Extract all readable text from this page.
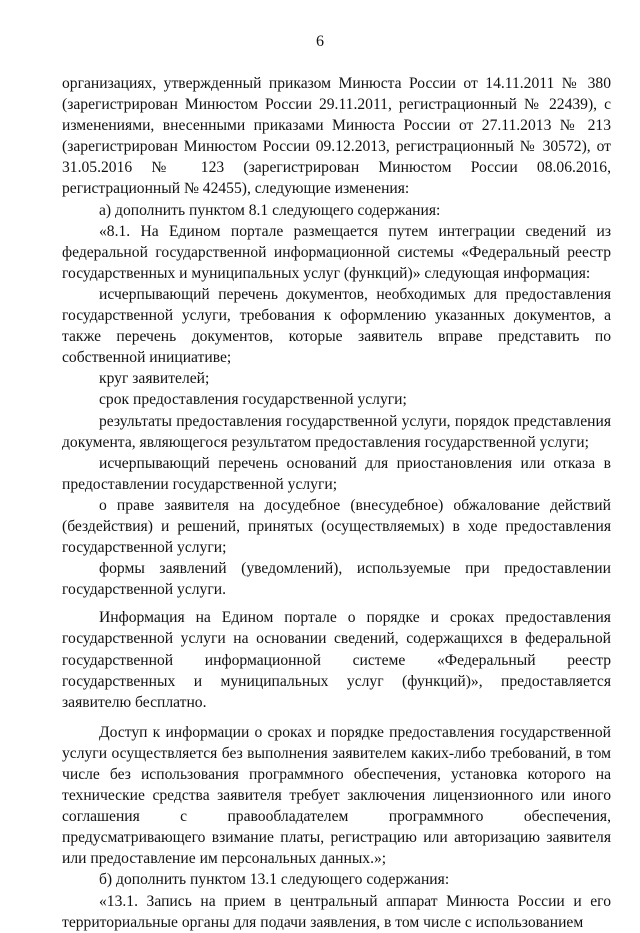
6

организациях, утвержденный приказом Минюста России от 14.11.2011 № 380 (зарегистрирован Минюстом России 29.11.2011, регистрационный № 22439), с изменениями, внесенными приказами Минюста России от 27.11.2013 № 213 (зарегистрирован Минюстом России 09.12.2013, регистрационный № 30572), от 31.05.2016 № 123 (зарегистрирован Минюстом России 08.06.2016, регистрационный № 42455), следующие изменения:

а) дополнить пунктом 8.1 следующего содержания:

«8.1. На Едином портале размещается путем интеграции сведений из федеральной государственной информационной системы «Федеральный реестр государственных и муниципальных услуг (функций)» следующая информация:

исчерпывающий перечень документов, необходимых для предоставления государственной услуги, требования к оформлению указанных документов, а также перечень документов, которые заявитель вправе представить по собственной инициативе;

круг заявителей;

срок предоставления государственной услуги;

результаты предоставления государственной услуги, порядок представления документа, являющегося результатом предоставления государственной услуги;

исчерпывающий перечень оснований для приостановления или отказа в предоставлении государственной услуги;

о праве заявителя на досудебное (внесудебное) обжалование действий (бездействия) и решений, принятых (осуществляемых) в ходе предоставления государственной услуги;

формы заявлений (уведомлений), используемые при предоставлении государственной услуги.

Информация на Едином портале о порядке и сроках предоставления государственной услуги на основании сведений, содержащихся в федеральной государственной информационной системе «Федеральный реестр государственных и муниципальных услуг (функций)», предоставляется заявителю бесплатно.

Доступ к информации о сроках и порядке предоставления государственной услуги осуществляется без выполнения заявителем каких-либо требований, в том числе без использования программного обеспечения, установка которого на технические средства заявителя требует заключения лицензионного или иного соглашения с правообладателем программного обеспечения, предусматривающего взимание платы, регистрацию или авторизацию заявителя или предоставление им персональных данных.»;

б) дополнить пунктом 13.1 следующего содержания:

«13.1. Запись на прием в центральный аппарат Минюста России и его территориальные органы для подачи заявления, в том числе с использованием
